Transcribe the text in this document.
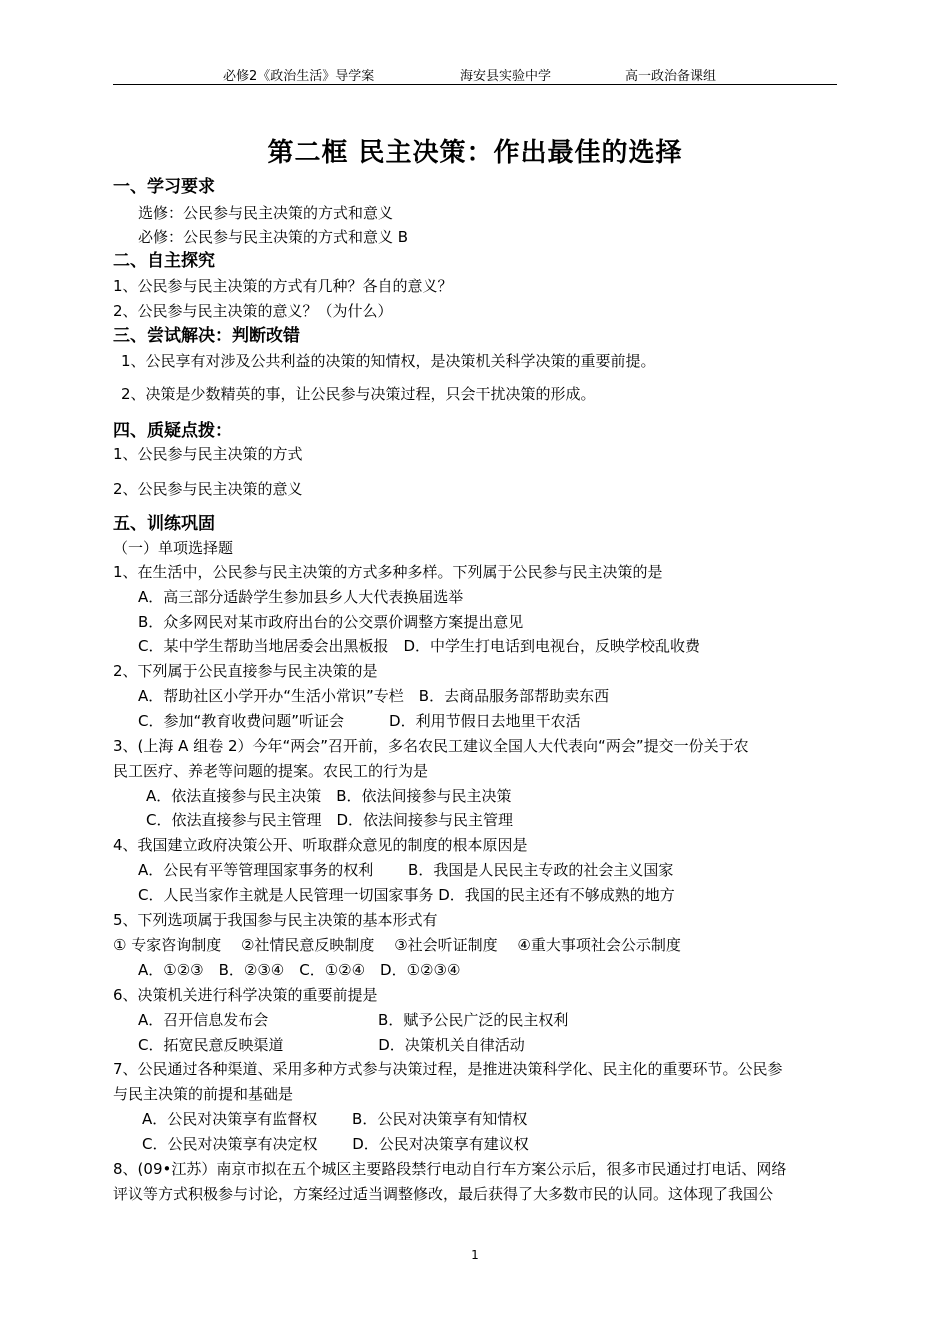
必修2《政治生活》导学案	海安县实验中学	高一政治备课组
第二框 民主决策：作出最佳的选择
一、学习要求
选修：公民参与民主决策的方式和意义
必修：公民参与民主决策的方式和意义 B
二、自主探究
1、公民参与民主决策的方式有几种？各自的意义？
2、公民参与民主决策的意义？（为什么）
三、尝试解决：判断改错
1、公民享有对涉及公共利益的决策的知情权，是决策机关科学决策的重要前提。
2、决策是少数精英的事，让公民参与决策过程，只会干扰决策的形成。
四、质疑点拨：
1、公民参与民主决策的方式
2、公民参与民主决策的意义
五、训练巩固
（一）单项选择题
1、在生活中，公民参与民主决策的方式多种多样。下列属于公民参与民主决策的是
A．高三部分适龄学生参加县乡人大代表换届选举
B．众多网民对某市政府出台的公交票价调整方案提出意见
C．某中学生帮助当地居委会出黑板报　D．中学生打电话到电视台，反映学校乱收费
2、下列属于公民直接参与民主决策的是
A．帮助社区小学开办“生活小常识”专栏　B．去商品服务部帮助卖东西
C．参加“教育收费问题”听证会　　　D．利用节假日去地里干农活
3、(上海 A 组卷 2）今年“两会”召开前，多名农民工建议全国人大代表向“两会”提交一份关于农
民工医疗、养老等问题的提案。农民工的行为是
A．依法直接参与民主决策　B．依法间接参与民主决策
C．依法直接参与民主管理　D．依法间接参与民主管理
4、我国建立政府决策公开、听取群众意见的制度的根本原因是
A．公民有平等管理国家事务的权利　　 B．我国是人民民主专政的社会主义国家
C．人民当家作主就是人民管理一切国家事务 D．我国的民主还有不够成熟的地方
5、下列选项属于我国参与民主决策的基本形式有
① 专家咨询制度　 ②社情民意反映制度　 ③社会听证制度　 ④重大事项社会公示制度
A．①②③　B．②③④　C．①②④　D．①②③④
6、决策机关进行科学决策的重要前提是
A．召开信息发布会　　　　　　　 B．赋予公民广泛的民主权利
C．拓宽民意反映渠道　　　　　　 D．决策机关自律活动
7、公民通过各种渠道、采用多种方式参与决策过程，是推进决策科学化、民主化的重要环节。公民参
与民主决策的前提和基础是
A．公民对决策享有监督权　　 B．公民对决策享有知情权
C．公民对决策享有决定权　　 D．公民对决策享有建议权
8、(09•江苏）南京市拟在五个城区主要路段禁行电动自行车方案公示后，很多市民通过打电话、网络
评议等方式积极参与讨论，方案经过适当调整修改，最后获得了大多数市民的认同。这体现了我国公
1
